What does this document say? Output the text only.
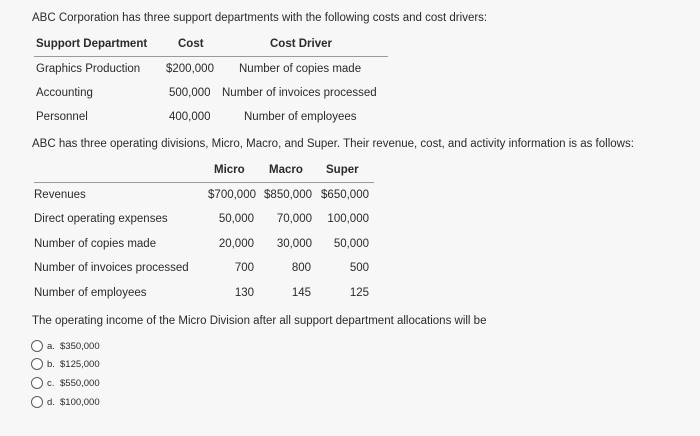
ABC Corporation has three support departments with the following costs and cost drivers:
Support Department	Cost	Cost Driver
Graphics Production $200,000 Number of copies made
Accounting	500,000 Number of invoices processed
Personnel	400,000	Number of employees
ABC has three operating divisions, Micro, Macro, and Super. Their revenue, cost, and activity information is as follows:
Micro Macro Super
Revenues	$700,000 $850,000 $650,000
Direct operating expenses	50,000	70,000	100,000
Number of copies made	20,000	30,000	50,000
Number of invoices processed	700	800	500
Number of employees	130	145	125
The operating income of the Micro Division after all support department allocations will be
a. $350,000
b. $125,000
c. $550,000
d. $100,000
